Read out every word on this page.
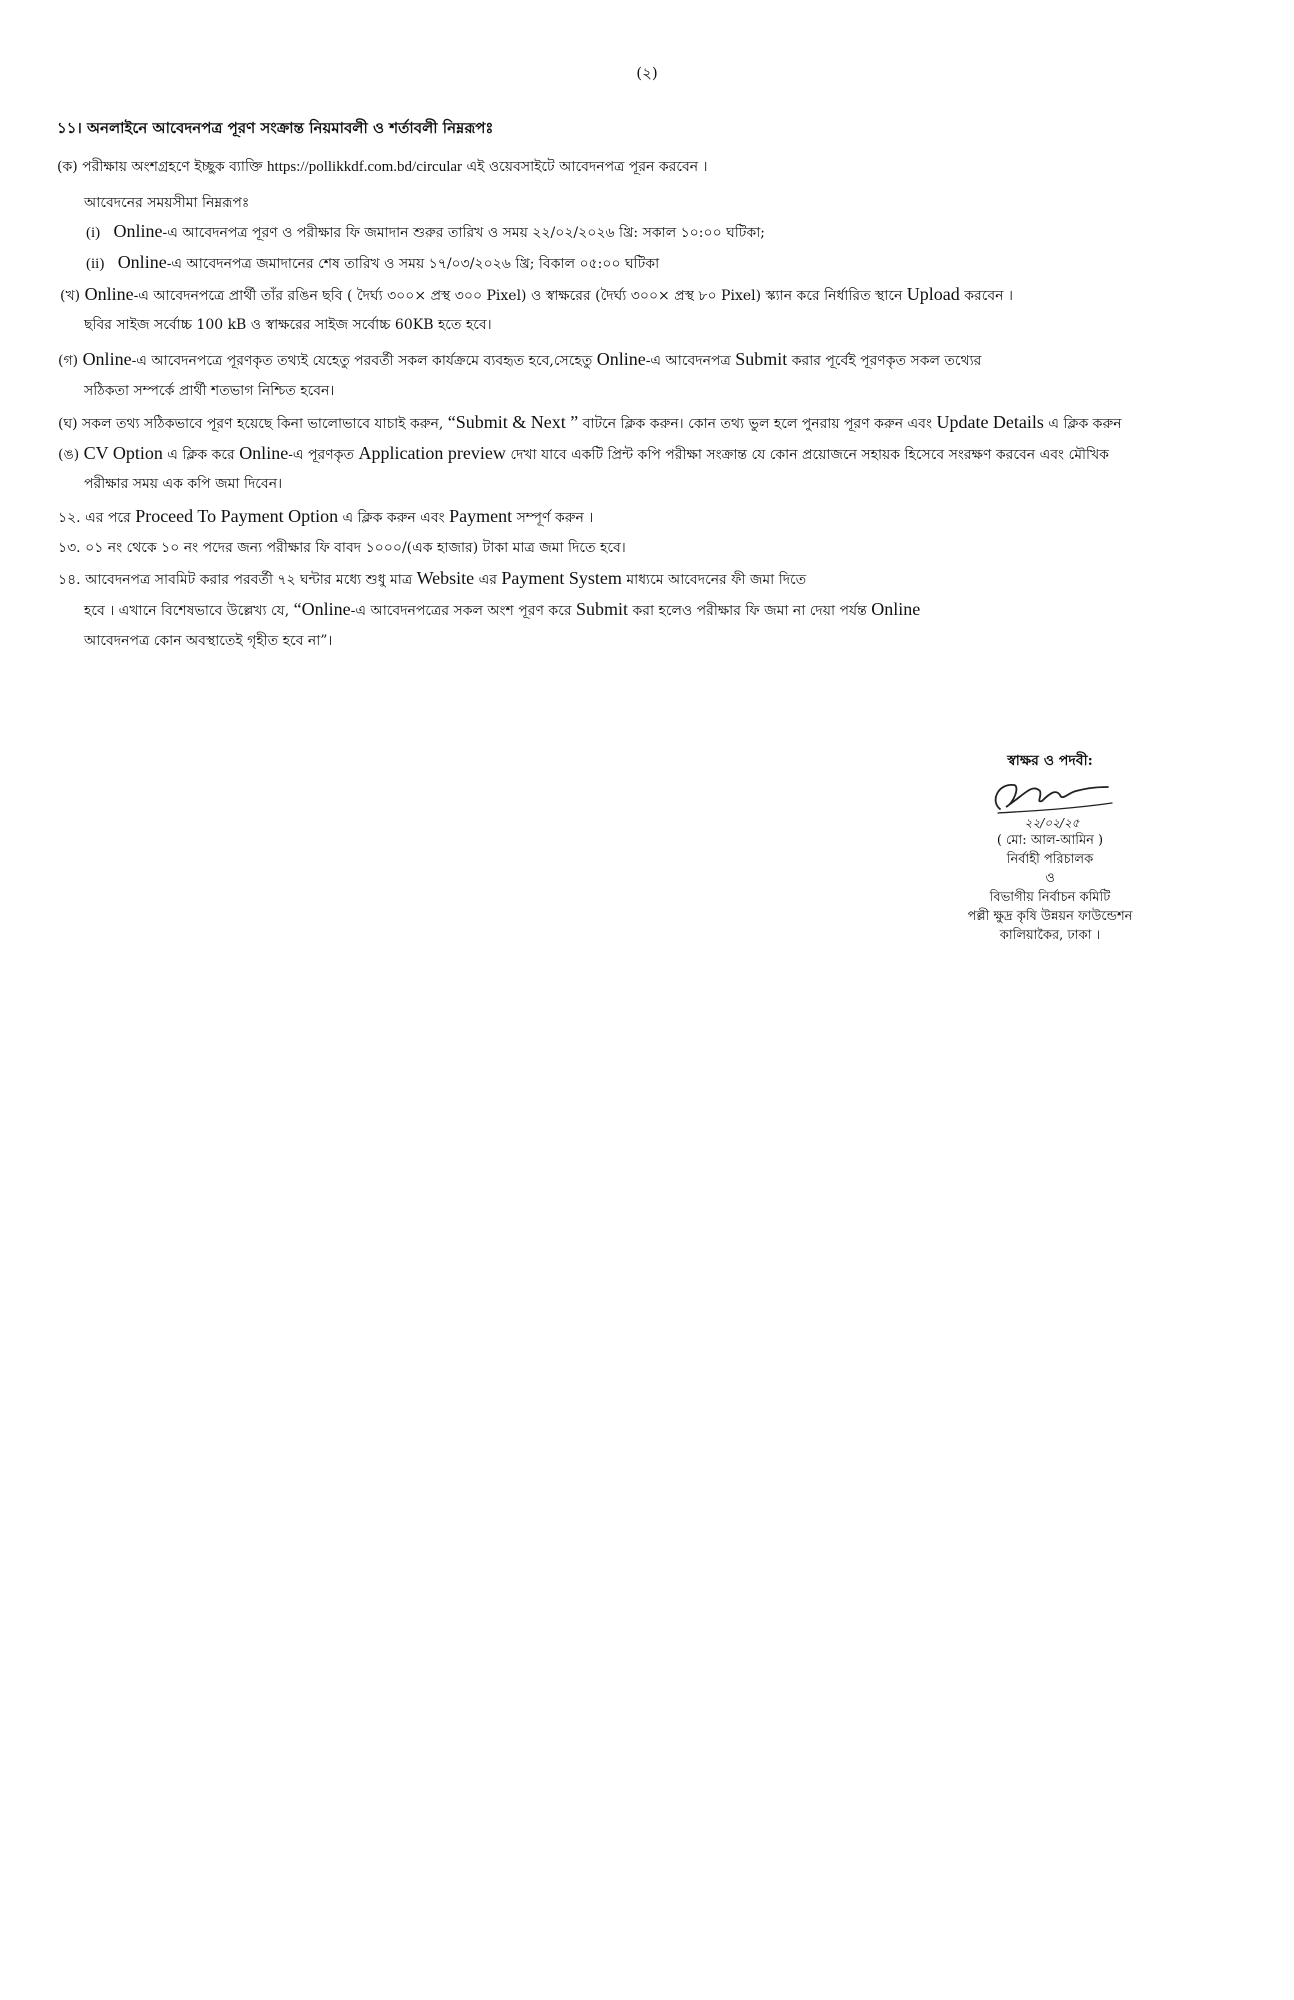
(২)
১১। অনলাইনে আবেদনপত্র পূরণ সংক্রান্ত নিয়মাবলী ও শর্তাবলী নিম্নরূপঃ
(ক) পরীক্ষায় অংশগ্রহণে ইচ্ছুক ব্যাক্তি https://pollikkdf.com.bd/circular এই ওয়েবসাইটে আবেদনপত্র পূরন করবেন ।
আবেদনের সময়সীমা নিম্নরূপঃ
(i) Online-এ আবেদনপত্র পূরণ ও পরীক্ষার ফি জমাদান শুরুর তারিখ ও সময় ২২/০২/২০২৬ খ্রি: সকাল ১০:০০ ঘটিকা;
(ii) Online-এ আবেদনপত্র জমাদানের শেষ তারিখ ও সময় ১৭/০৩/২০২৬ খ্রি; বিকাল ০৫:০০ ঘটিকা
(খ) Online-এ আবেদনপত্রে প্রার্থী তাঁর রঙিন ছবি ( দৈর্ঘ্য ৩০০× প্রস্থ ৩০০ Pixel) ও স্বাক্ষরের (দৈর্ঘ্য ৩০০× প্রস্থ ৮০ Pixel) স্ক্যান করে নির্ধারিত স্থানে Upload করবেন ।
ছবির সাইজ সর্বোচ্চ 100 kB ও স্বাক্ষরের সাইজ সর্বোচ্চ 60KB হতে হবে।
(গ) Online-এ আবেদনপত্রে পূরণকৃত তথ্যই যেহেতু পরবর্তী সকল কার্যক্রমে ব্যবহৃত হবে,সেহেতু Online-এ আবেদনপত্র Submit করার পূর্বেই পূরণকৃত সকল তথ্যের
সঠিকতা সম্পর্কে প্রার্থী শতভাগ নিশ্চিত হবেন।
(ঘ) সকল তথ্য সঠিকভাবে পূরণ হয়েছে কিনা ভালোভাবে যাচাই করুন, “Submit & Next ” বাটনে ক্লিক করুন। কোন তথ্য ভুল হলে পুনরায় পূরণ করুন এবং Update Details এ ক্লিক করুন
(ঙ) CV Option এ ক্লিক করে Online-এ পূরণকৃত Application preview দেখা যাবে একটি প্রিন্ট কপি পরীক্ষা সংক্রান্ত যে কোন প্রয়োজনে সহায়ক হিসেবে সংরক্ষণ করবেন এবং মৌখিক
পরীক্ষার সময় এক কপি জমা দিবেন।
১২. এর পরে Proceed To Payment Option এ ক্লিক করুন এবং Payment সম্পূর্ণ করুন ।
১৩. ০১ নং থেকে ১০ নং পদের জন্য পরীক্ষার ফি বাবদ ১০০০/(এক হাজার) টাকা মাত্র জমা দিতে হবে।
১৪. আবেদনপত্র সাবমিট করার পরবর্তী ৭২ ঘন্টার মধ্যে শুধু মাত্র Website এর Payment System মাধ্যমে আবেদনের ফী জমা দিতে
হবে । এখানে বিশেষভাবে উল্লেখ্য যে, “Online-এ আবেদনপত্রের সকল অংশ পূরণ করে Submit করা হলেও পরীক্ষার ফি জমা না দেয়া পর্যন্ত Online
আবেদনপত্র কোন অবস্থাতেই গৃহীত হবে না”।
স্বাক্ষর ও পদবী:
২২/০২/২৫
( মো: আল-আমিন )
নির্বাহী পরিচালক
ও
বিভাগীয় নির্বাচন কমিটি
পল্লী ক্ষুদ্র কৃষি উন্নয়ন ফাউন্ডেশন
কালিয়াকৈর, ঢাকা ।
